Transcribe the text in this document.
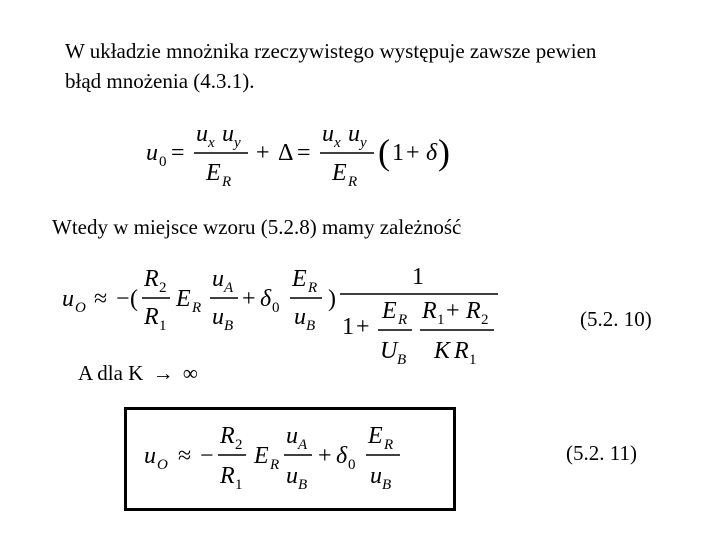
W układzie mnożnika rzeczywistego występuje zawsze pewien
błąd mnożenia (4.3.1).
u 0 =
u x u y
E R
+ Δ =
u x u y
E R
( 1 + δ )
Wtedy w miejsce wzoru (5.2.8) mamy zależność
u O ≈ − (
R 2
R 1
E R
u A
u B
+ δ 0
E R
u B
)
1
1 +
E R
U B
R 1 + R 2
K R 1
(5.2. 10)
A dla K → ∞
u O ≈ −
R 2
R 1
E R
u A
u B
+ δ 0
E R
u B
(5.2. 11)
